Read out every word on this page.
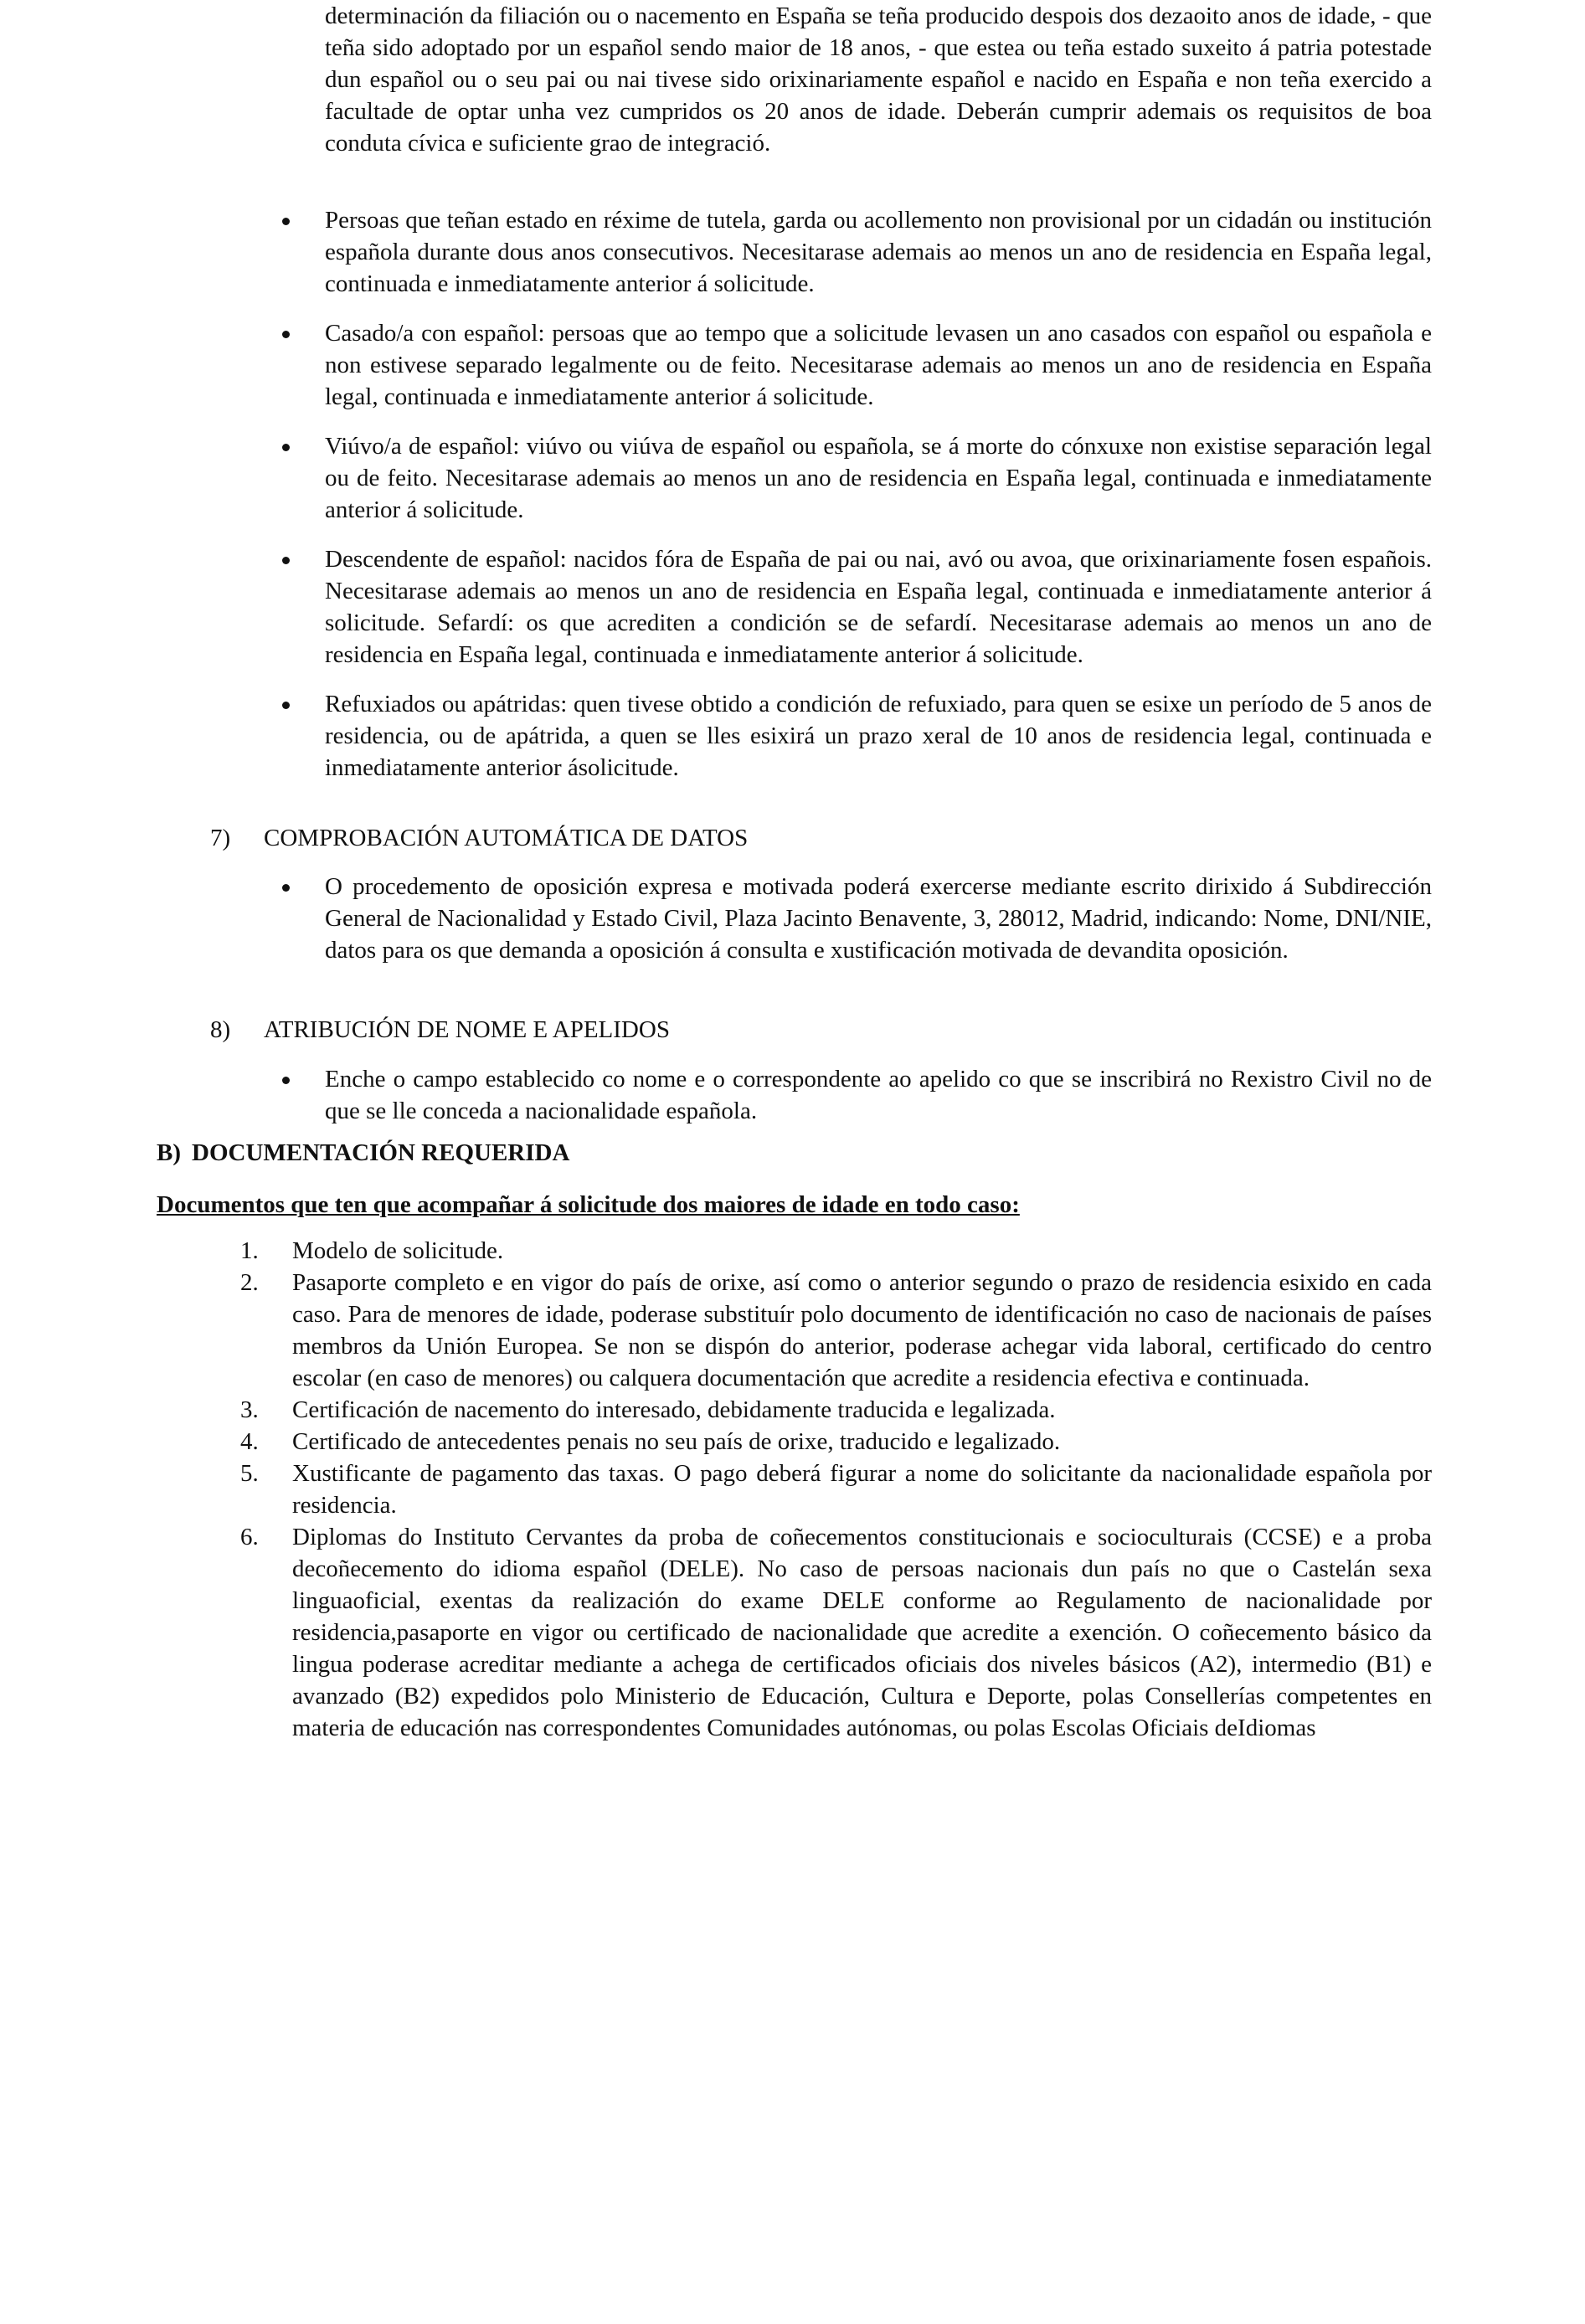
determinación da filiación ou o nacemento en España se teña producido despois dos dezaoito anos de idade, - que teña sido adoptado por un español sendo maior de 18 anos, - que estea ou teña estado suxeito á patria potestade dun español ou o seu pai ou nai tivese sido orixinariamente español e nacido en España e non teña exercido a facultade de optar unha vez cumpridos os 20 anos de idade. Deberán cumprir ademais os requisitos de boa conduta cívica e suficiente grao de integració.

Persoas que teñan estado en réxime de tutela, garda ou acollemento non provisional por un cidadán ou institución española durante dous anos consecutivos. Necesitarase ademais ao menos un ano de residencia en España legal, continuada e inmediatamente anterior á solicitude.
Casado/a con español: persoas que ao tempo que a solicitude levasen un ano casados con español ou española e non estivese separado legalmente ou de feito. Necesitarase ademais ao menos un ano de residencia en España legal, continuada e inmediatamente anterior á solicitude.
Viúvo/a de español: viúvo ou viúva de español ou española, se á morte do cónxuxe non existise separación legal ou de feito. Necesitarase ademais ao menos un ano de residencia en España legal, continuada e inmediatamente anterior á solicitude.
Descendente de español: nacidos fóra de España de pai ou nai, avó ou avoa, que orixinariamente fosen españois. Necesitarase ademais ao menos un ano de residencia en España legal, continuada e inmediatamente anterior á solicitude. Sefardí: os que acrediten a condición se de sefardí. Necesitarase ademais ao menos un ano de residencia en España legal, continuada e inmediatamente anterior á solicitude.
Refuxiados ou apátridas: quen tivese obtido a condición de refuxiado, para quen se esixe un período de 5 anos de residencia, ou de apátrida, a quen se lles esixirá un prazo xeral de 10 anos de residencia legal, continuada e inmediatamente anterior ásolicitude.
7) COMPROBACIÓN AUTOMÁTICA DE DATOS
O procedemento de oposición expresa e motivada poderá exercerse mediante escrito dirixido á Subdirección General de Nacionalidad y Estado Civil, Plaza Jacinto Benavente, 3, 28012, Madrid, indicando: Nome, DNI/NIE, datos para os que demanda a oposición á consulta e xustificación motivada de devandita oposición.
8) ATRIBUCIÓN DE NOME E APELIDOS
Enche o campo establecido co nome e o correspondente ao apelido co que se inscribirá no Rexistro Civil no de que se lle conceda a nacionalidade española.
B) DOCUMENTACIÓN REQUERIDA
Documentos que ten que acompañar á solicitude dos maiores de idade en todo caso:
1. Modelo de solicitude.
2. Pasaporte completo e en vigor do país de orixe, así como o anterior segundo o prazo de residencia esixido en cada caso. Para de menores de idade, poderase substituír polo documento de identificación no caso de nacionais de países membros da Unión Europea. Se non se dispón do anterior, poderase achegar vida laboral, certificado do centro escolar (en caso de menores) ou calquera documentación que acredite a residencia efectiva e continuada.
3. Certificación de nacemento do interesado, debidamente traducida e legalizada.
4. Certificado de antecedentes penais no seu país de orixe, traducido e legalizado.
5. Xustificante de pagamento das taxas. O pago deberá figurar a nome do solicitante da nacionalidade española por residencia.
6. Diplomas do Instituto Cervantes da proba de coñecementos constitucionais e socioculturais (CCSE) e a proba decoñecemento do idioma español (DELE). No caso de persoas nacionais dun país no que o Castelán sexa linguaoficial, exentas da realización do exame DELE conforme ao Regulamento de nacionalidade por residencia,pasaporte en vigor ou certificado de nacionalidade que acredite a exención. O coñecemento básico da lingua poderase acreditar mediante a achega de certificados oficiais dos niveles básicos (A2), intermedio (B1) e avanzado (B2) expedidos polo Ministerio de Educación, Cultura e Deporte, polas Consellerías competentes en materia de educación nas correspondentes Comunidades autónomas, ou polas Escolas Oficiais deIdiomas
